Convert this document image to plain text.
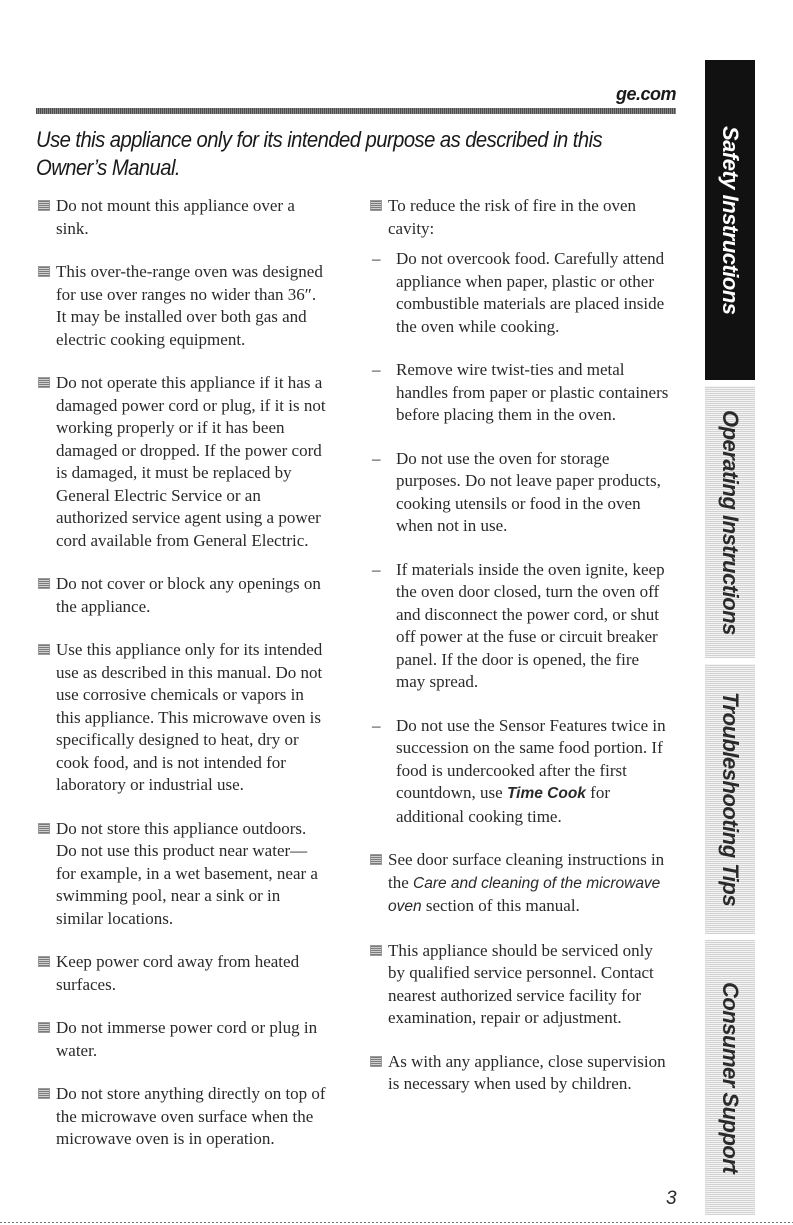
ge.com
Use this appliance only for its intended purpose as described in this Owner’s Manual.
Do not mount this appliance over a sink.
This over-the-range oven was designed for use over ranges no wider than 36″. It may be installed over both gas and electric cooking equipment.
Do not operate this appliance if it has a damaged power cord or plug, if it is not working properly or if it has been damaged or dropped. If the power cord is damaged, it must be replaced by General Electric Service or an authorized service agent using a power cord available from General Electric.
Do not cover or block any openings on the appliance.
Use this appliance only for its intended use as described in this manual. Do not use corrosive chemicals or vapors in this appliance. This microwave oven is specifically designed to heat, dry or cook food, and is not intended for laboratory or industrial use.
Do not store this appliance outdoors. Do not use this product near water—for example, in a wet basement, near a swimming pool, near a sink or in similar locations.
Keep power cord away from heated surfaces.
Do not immerse power cord or plug in water.
Do not store anything directly on top of the microwave oven surface when the microwave oven is in operation.
To reduce the risk of fire in the oven cavity:
– Do not overcook food. Carefully attend appliance when paper, plastic or other combustible materials are placed inside the oven while cooking.
– Remove wire twist-ties and metal handles from paper or plastic containers before placing them in the oven.
– Do not use the oven for storage purposes. Do not leave paper products, cooking utensils or food in the oven when not in use.
– If materials inside the oven ignite, keep the oven door closed, turn the oven off and disconnect the power cord, or shut off power at the fuse or circuit breaker panel. If the door is opened, the fire may spread.
– Do not use the Sensor Features twice in succession on the same food portion. If food is undercooked after the first countdown, use Time Cook for additional cooking time.
See door surface cleaning instructions in the Care and cleaning of the microwave oven section of this manual.
This appliance should be serviced only by qualified service personnel. Contact nearest authorized service facility for examination, repair or adjustment.
As with any appliance, close supervision is necessary when used by children.
3
Safety Instructions
Operating Instructions
Troubleshooting Tips
Consumer Support
